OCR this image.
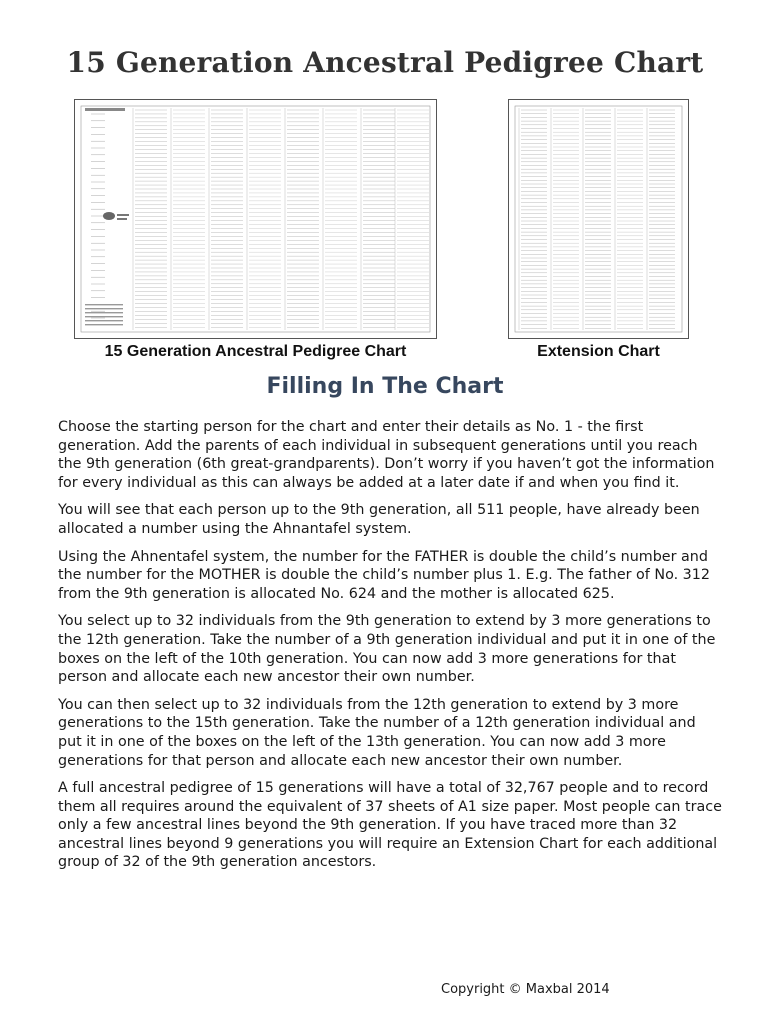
15 Generation Ancestral Pedigree Chart
15 Generation Ancestral Pedigree Chart	Extension Chart
Filling In The Chart

Choose the starting person for the chart and enter their details as No. 1 - the first generation. Add the parents of each individual in subsequent generations until you reach the 9th generation (6th great-grandparents). Don’t worry if you haven’t got the information for every individual as this can always be added at a later date if and when you find it.

You will see that each person up to the 9th generation, all 511 people, have already been allocated a number using the Ahnantafel system.

Using the Ahnentafel system, the number for the FATHER is double the child’s number and the number for the MOTHER is double the child’s number plus 1. E.g. The father of No. 312 from the 9th generation is allocated No. 624 and the mother is allocated 625.

You select up to 32 individuals from the 9th generation to extend by 3 more generations to the 12th generation. Take the number of a 9th generation individual and put it in one of the boxes on the left of the 10th generation. You can now add 3 more generations for that person and allocate each new ancestor their own number.

You can then select up to 32 individuals from the 12th generation to extend by 3 more generations to the 15th generation. Take the number of a 12th generation individual and put it in one of the boxes on the left of the 13th generation. You can now add 3 more generations for that person and allocate each new ancestor their own number.

A full ancestral pedigree of 15 generations will have a total of 32,767 people and to record them all requires around the equivalent of 37 sheets of A1 size paper. Most people can trace only a few ancestral lines beyond the 9th generation. If you have traced more than 32 ancestral lines beyond 9 generations you will require an Extension Chart for each additional group of 32 of the 9th generation ancestors.

Copyright © Maxbal 2014
